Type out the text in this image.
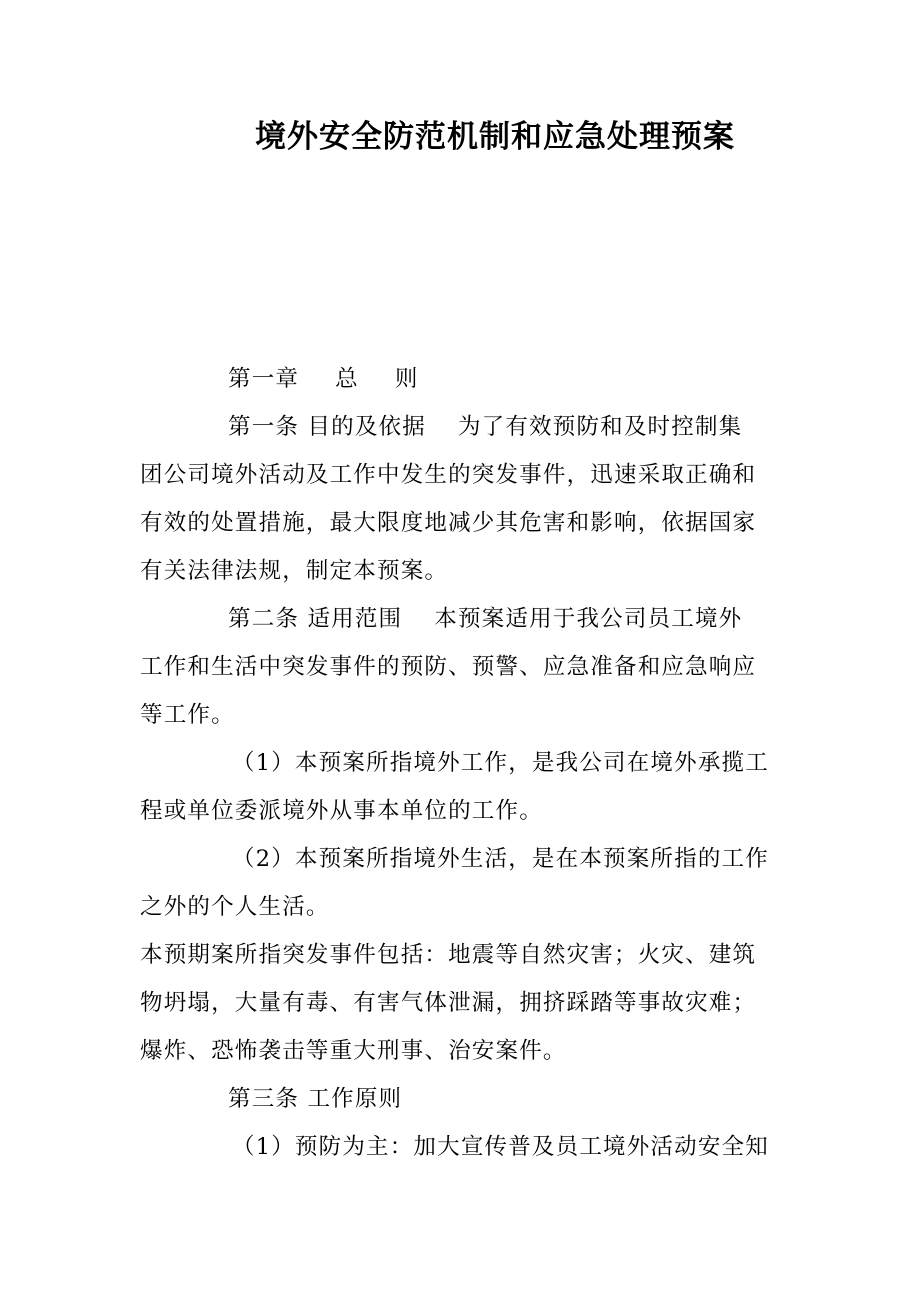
境外安全防范机制和应急处理预案
第一章 总 则
第一条 目的及依据 为了有效预防和及时控制集
团公司境外活动及工作中发生的突发事件，迅速采取正确和
有效的处置措施，最大限度地减少其危害和影响，依据国家
有关法律法规，制定本预案。
第二条 适用范围 本预案适用于我公司员工境外
工作和生活中突发事件的预防、预警、应急准备和应急响应
等工作。
（1）本预案所指境外工作，是我公司在境外承揽工
程或单位委派境外从事本单位的工作。
（2）本预案所指境外生活，是在本预案所指的工作
之外的个人生活。
本预期案所指突发事件包括：地震等自然灾害；火灾、建筑
物坍塌，大量有毒、有害气体泄漏，拥挤踩踏等事故灾难；
爆炸、恐怖袭击等重大刑事、治安案件。
第三条 工作原则
（1）预防为主：加大宣传普及员工境外活动安全知
